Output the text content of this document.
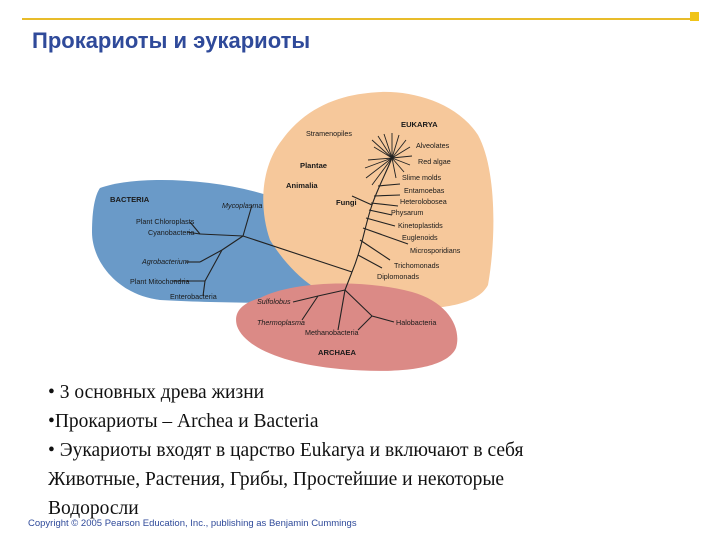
Прокариоты и эукариоты
EUKARYA
Stramenopiles
Alveolates
Red algae
Plantae
Animalia
Fungi
Slime molds
Entamoebas
Heterolobosea
Physarum
Kinetoplastids
Euglenoids
Microsporidians
Trichomonads
Diplomonads
BACTERIA
Mycoplasma
Plant Chloroplasts
Cyanobacteria
Agrobacterium
Plant Mitochondria
Enterobacteria
Sulfolobus
Thermoplasma
Methanobacteria
Halobacteria
ARCHAEA
• 3 основных древа жизни
•Прокариоты – Archea и Bacteria
• Эукариоты входят в царство Eukarya и включают в себя
Животные, Растения, Грибы, Простейшие и некоторые
Водоросли
Copyright © 2005 Pearson Education, Inc., publishing as Benjamin Cummings
